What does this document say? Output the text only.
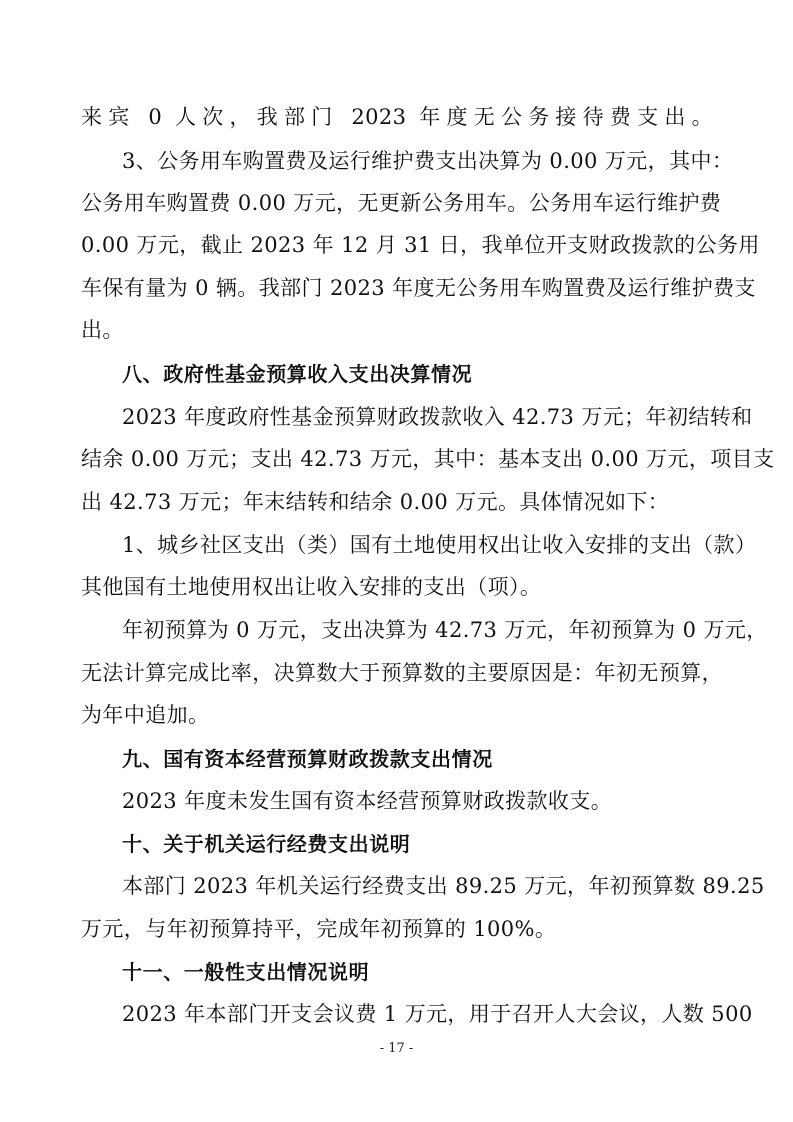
来宾 0 人次，我部门 2023 年度无公务接待费支出。
3、公务用车购置费及运行维护费支出决算为 0.00 万元，其中：
公务用车购置费 0.00 万元，无更新公务用车。公务用车运行维护费
0.00 万元，截止 2023 年 12 月 31 日，我单位开支财政拨款的公务用
车保有量为 0 辆。我部门 2023 年度无公务用车购置费及运行维护费支
出。
八、政府性基金预算收入支出决算情况
2023 年度政府性基金预算财政拨款收入 42.73 万元；年初结转和
结余 0.00 万元；支出 42.73 万元，其中：基本支出 0.00 万元，项目支
出 42.73 万元；年末结转和结余 0.00 万元。具体情况如下：
1、城乡社区支出（类）国有土地使用权出让收入安排的支出（款）
其他国有土地使用权出让收入安排的支出（项）。
年初预算为 0 万元，支出决算为 42.73 万元，年初预算为 0 万元，
无法计算完成比率，决算数大于预算数的主要原因是：年初无预算，
为年中追加。
九、国有资本经营预算财政拨款支出情况
2023 年度未发生国有资本经营预算财政拨款收支。
十、关于机关运行经费支出说明
本部门 2023 年机关运行经费支出 89.25 万元，年初预算数 89.25
万元，与年初预算持平，完成年初预算的 100%。
十一、一般性支出情况说明
2023 年本部门开支会议费 1 万元，用于召开人大会议，人数 500
- 17 -
